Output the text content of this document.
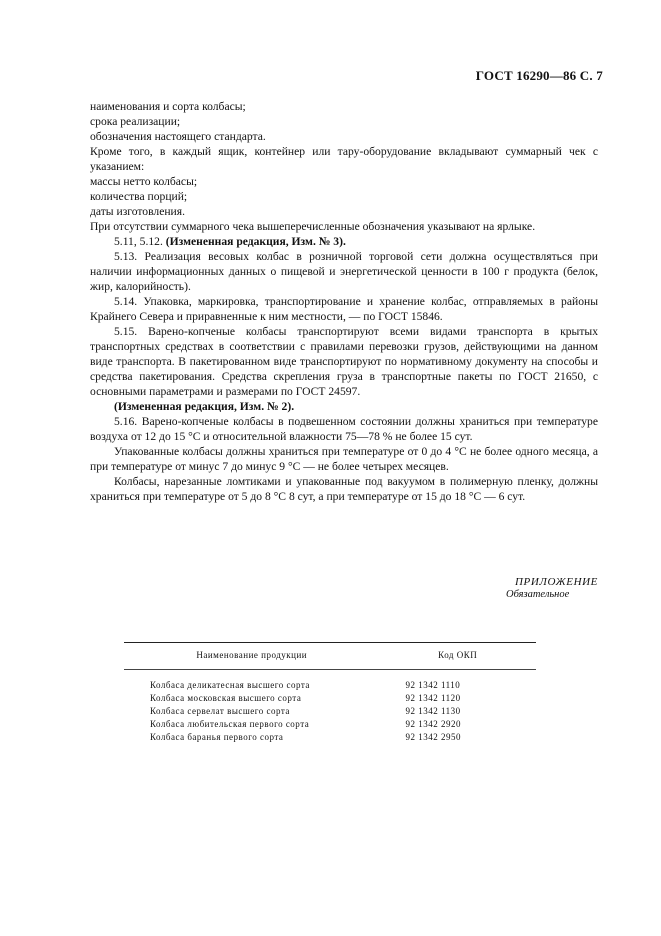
ГОСТ 16290—86 С. 7

наименования и сорта колбасы;

срока реализации;

обозначения настоящего стандарта.

Кроме того, в каждый ящик, контейнер или тару-оборудование вкладывают суммарный чек с указанием:

массы нетто колбасы;

количества порций;

даты изготовления.

При отсутствии суммарного чека вышеперечисленные обозначения указывают на ярлыке.

5.11, 5.12. (Измененная редакция, Изм. № 3).

5.13. Реализация весовых колбас в розничной торговой сети должна осуществляться при наличии информационных данных о пищевой и энергетической ценности в 100 г продукта (белок, жир, калорийность).

5.14. Упаковка, маркировка, транспортирование и хранение колбас, отправляемых в районы Крайнего Севера и приравненные к ним местности, — по ГОСТ 15846.

5.15. Варено-копченые колбасы транспортируют всеми видами транспорта в крытых транспортных средствах в соответствии с правилами перевозки грузов, действующими на данном виде транспорта. В пакетированном виде транспортируют по нормативному документу на способы и средства пакетирования. Средства скрепления груза в транспортные пакеты по ГОСТ 21650, с основными параметрами и размерами по ГОСТ 24597.

(Измененная редакция, Изм. № 2).

5.16. Варено-копченые колбасы в подвешенном состоянии должны храниться при температуре воздуха от 12 до 15 °С и относительной влажности 75—78 % не более 15 сут.

Упакованные колбасы должны храниться при температуре от 0 до 4 °С не более одного месяца, а при температуре от минус 7 до минус 9 °С — не более четырех месяцев.

Колбасы, нарезанные ломтиками и упакованные под вакуумом в полимерную пленку, должны храниться при температуре от 5 до 8 °С 8 сут, а при температуре от 15 до 18 °С — 6 сут.

ПРИЛОЖЕНИЕ
Обязательное
Наименование продукции	Код ОКП
Колбаса деликатесная высшего сорта	92 1342 1110
Колбаса московская высшего сорта	92 1342 1120
Колбаса сервелат высшего сорта	92 1342 1130
Колбаса любительская первого сорта	92 1342 2920
Колбаса баранья первого сорта	92 1342 2950
